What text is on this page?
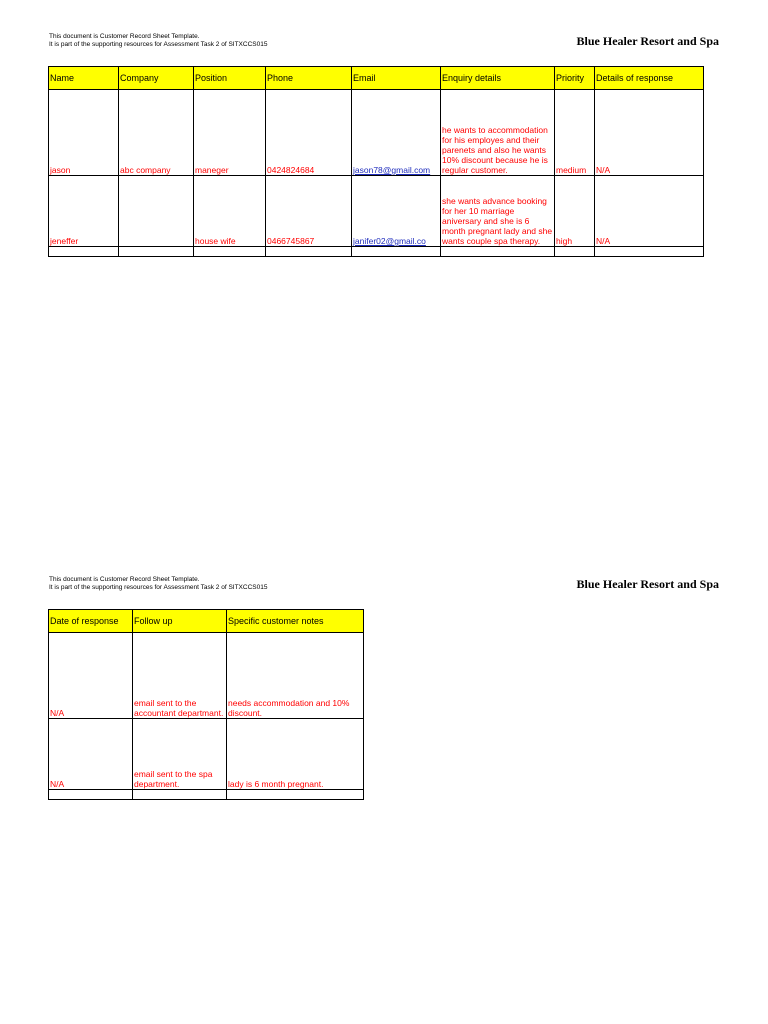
This document is Customer Record Sheet Template.
It is part of the supporting resources for Assessment Task 2 of SITXCCS015	Blue Healer Resort and Spa
Name	Company	Position	Phone	Email	Enquiry details	Priority	Details of response
jason	abc company	maneger	0424824684	jason78@gmail.com	he wants to accommodation for his employes and their parenets and also he wants 10% discount because he is regular customer.	medium	N/A
jeneffer		house wife	0466745867	janifer02@gmail.co	she wants advance booking for her 10 marriage aniversary and she is 6 month pregnant lady and she wants couple spa therapy.	high	N/A

This document is Customer Record Sheet Template.
It is part of the supporting resources for Assessment Task 2 of SITXCCS015	Blue Healer Resort and Spa
Date of response	Follow up	Specific customer notes
N/A	email sent to the accountant departmant.	needs accommodation and 10% discount.
N/A	email sent to the spa department.	lady is 6 month pregnant.
